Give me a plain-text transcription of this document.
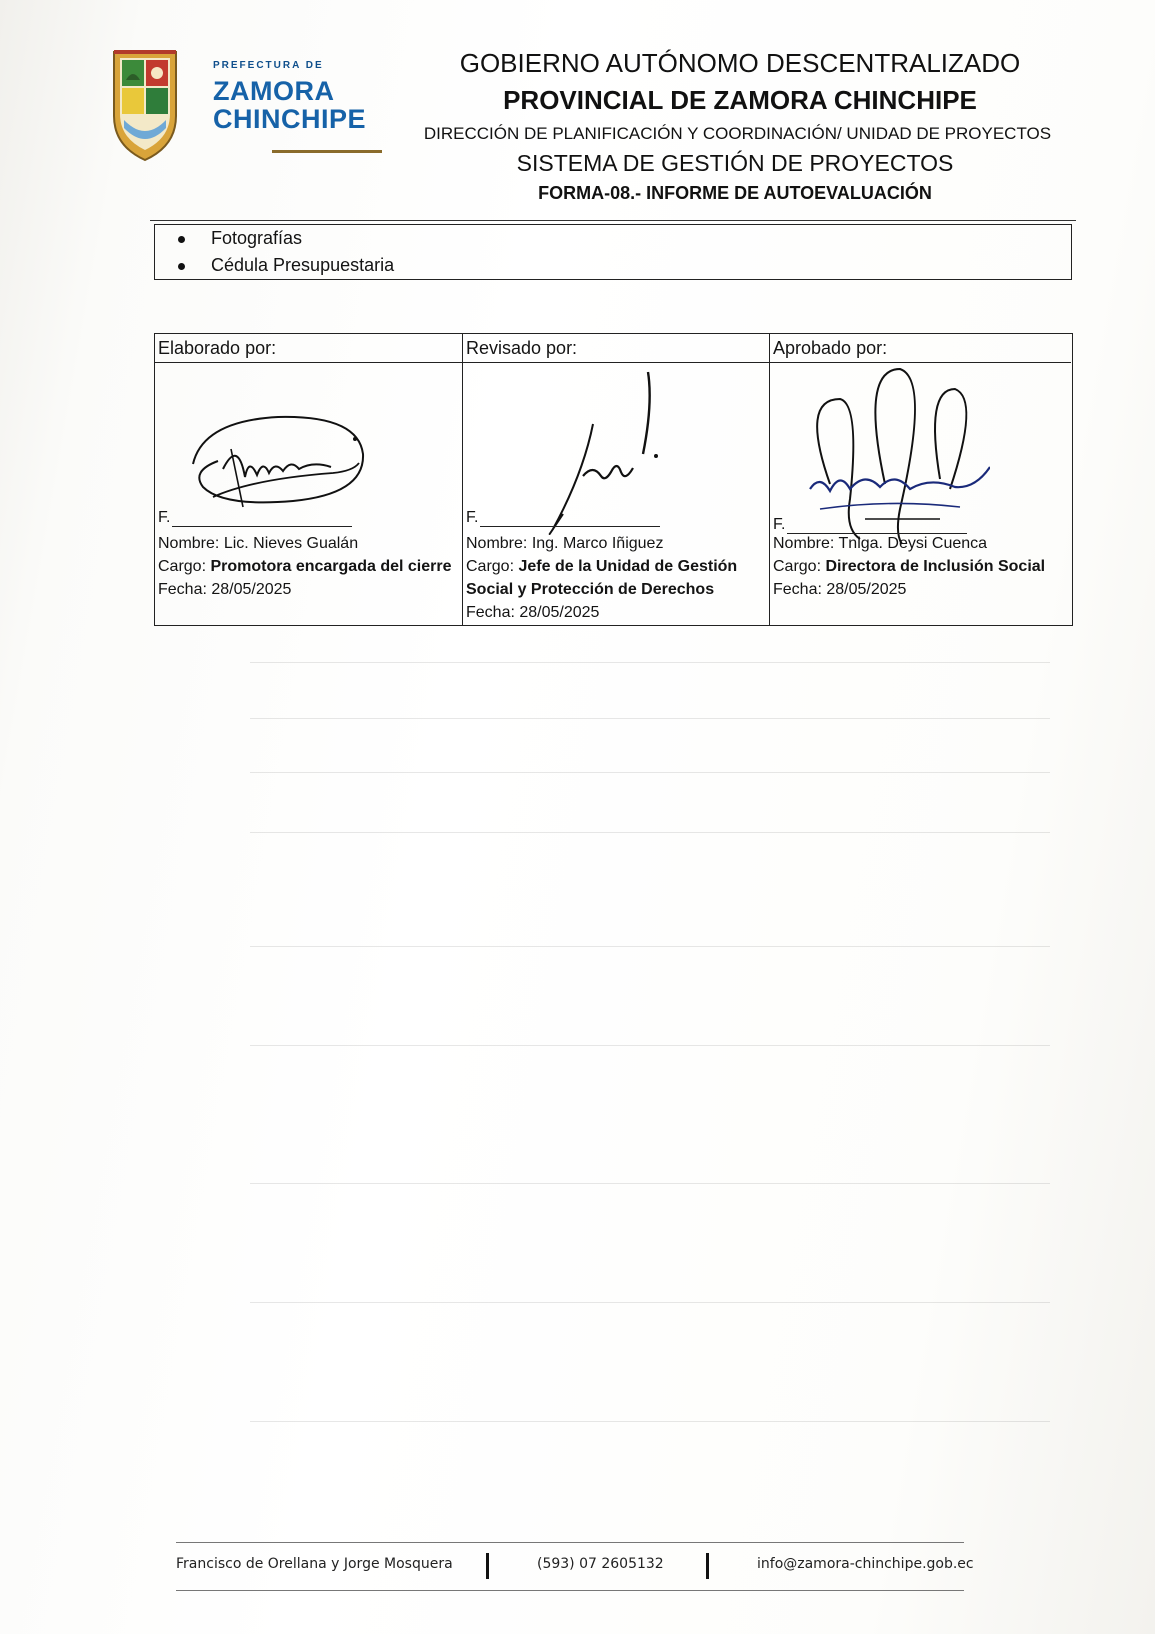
PREFECTURA DE
ZAMORA
CHINCHIPE
GOBIERNO AUTÓNOMO DESCENTRALIZADO
PROVINCIAL DE ZAMORA CHINCHIPE
DIRECCIÓN DE PLANIFICACIÓN Y COORDINACIÓN/ UNIDAD DE PROYECTOS
SISTEMA DE GESTIÓN DE PROYECTOS
FORMA-08.- INFORME DE AUTOEVALUACIÓN
Fotografías
Cédula Presupuestaria
Elaborado por:
F.
Nombre: Lic. Nieves Gualán
Cargo: Promotora encargada del cierre
Fecha: 28/05/2025
Revisado por:
F.
Nombre: Ing. Marco Iñiguez
Cargo: Jefe de la Unidad de Gestión Social y Protección de Derechos
Fecha: 28/05/2025
Aprobado por:
F.
Nombre: Tnlga. Deysi Cuenca
Cargo: Directora de Inclusión Social
Fecha: 28/05/2025
Francisco de Orellana y Jorge Mosquera	(593) 07 2605132	info@zamora-chinchipe.gob.ec
